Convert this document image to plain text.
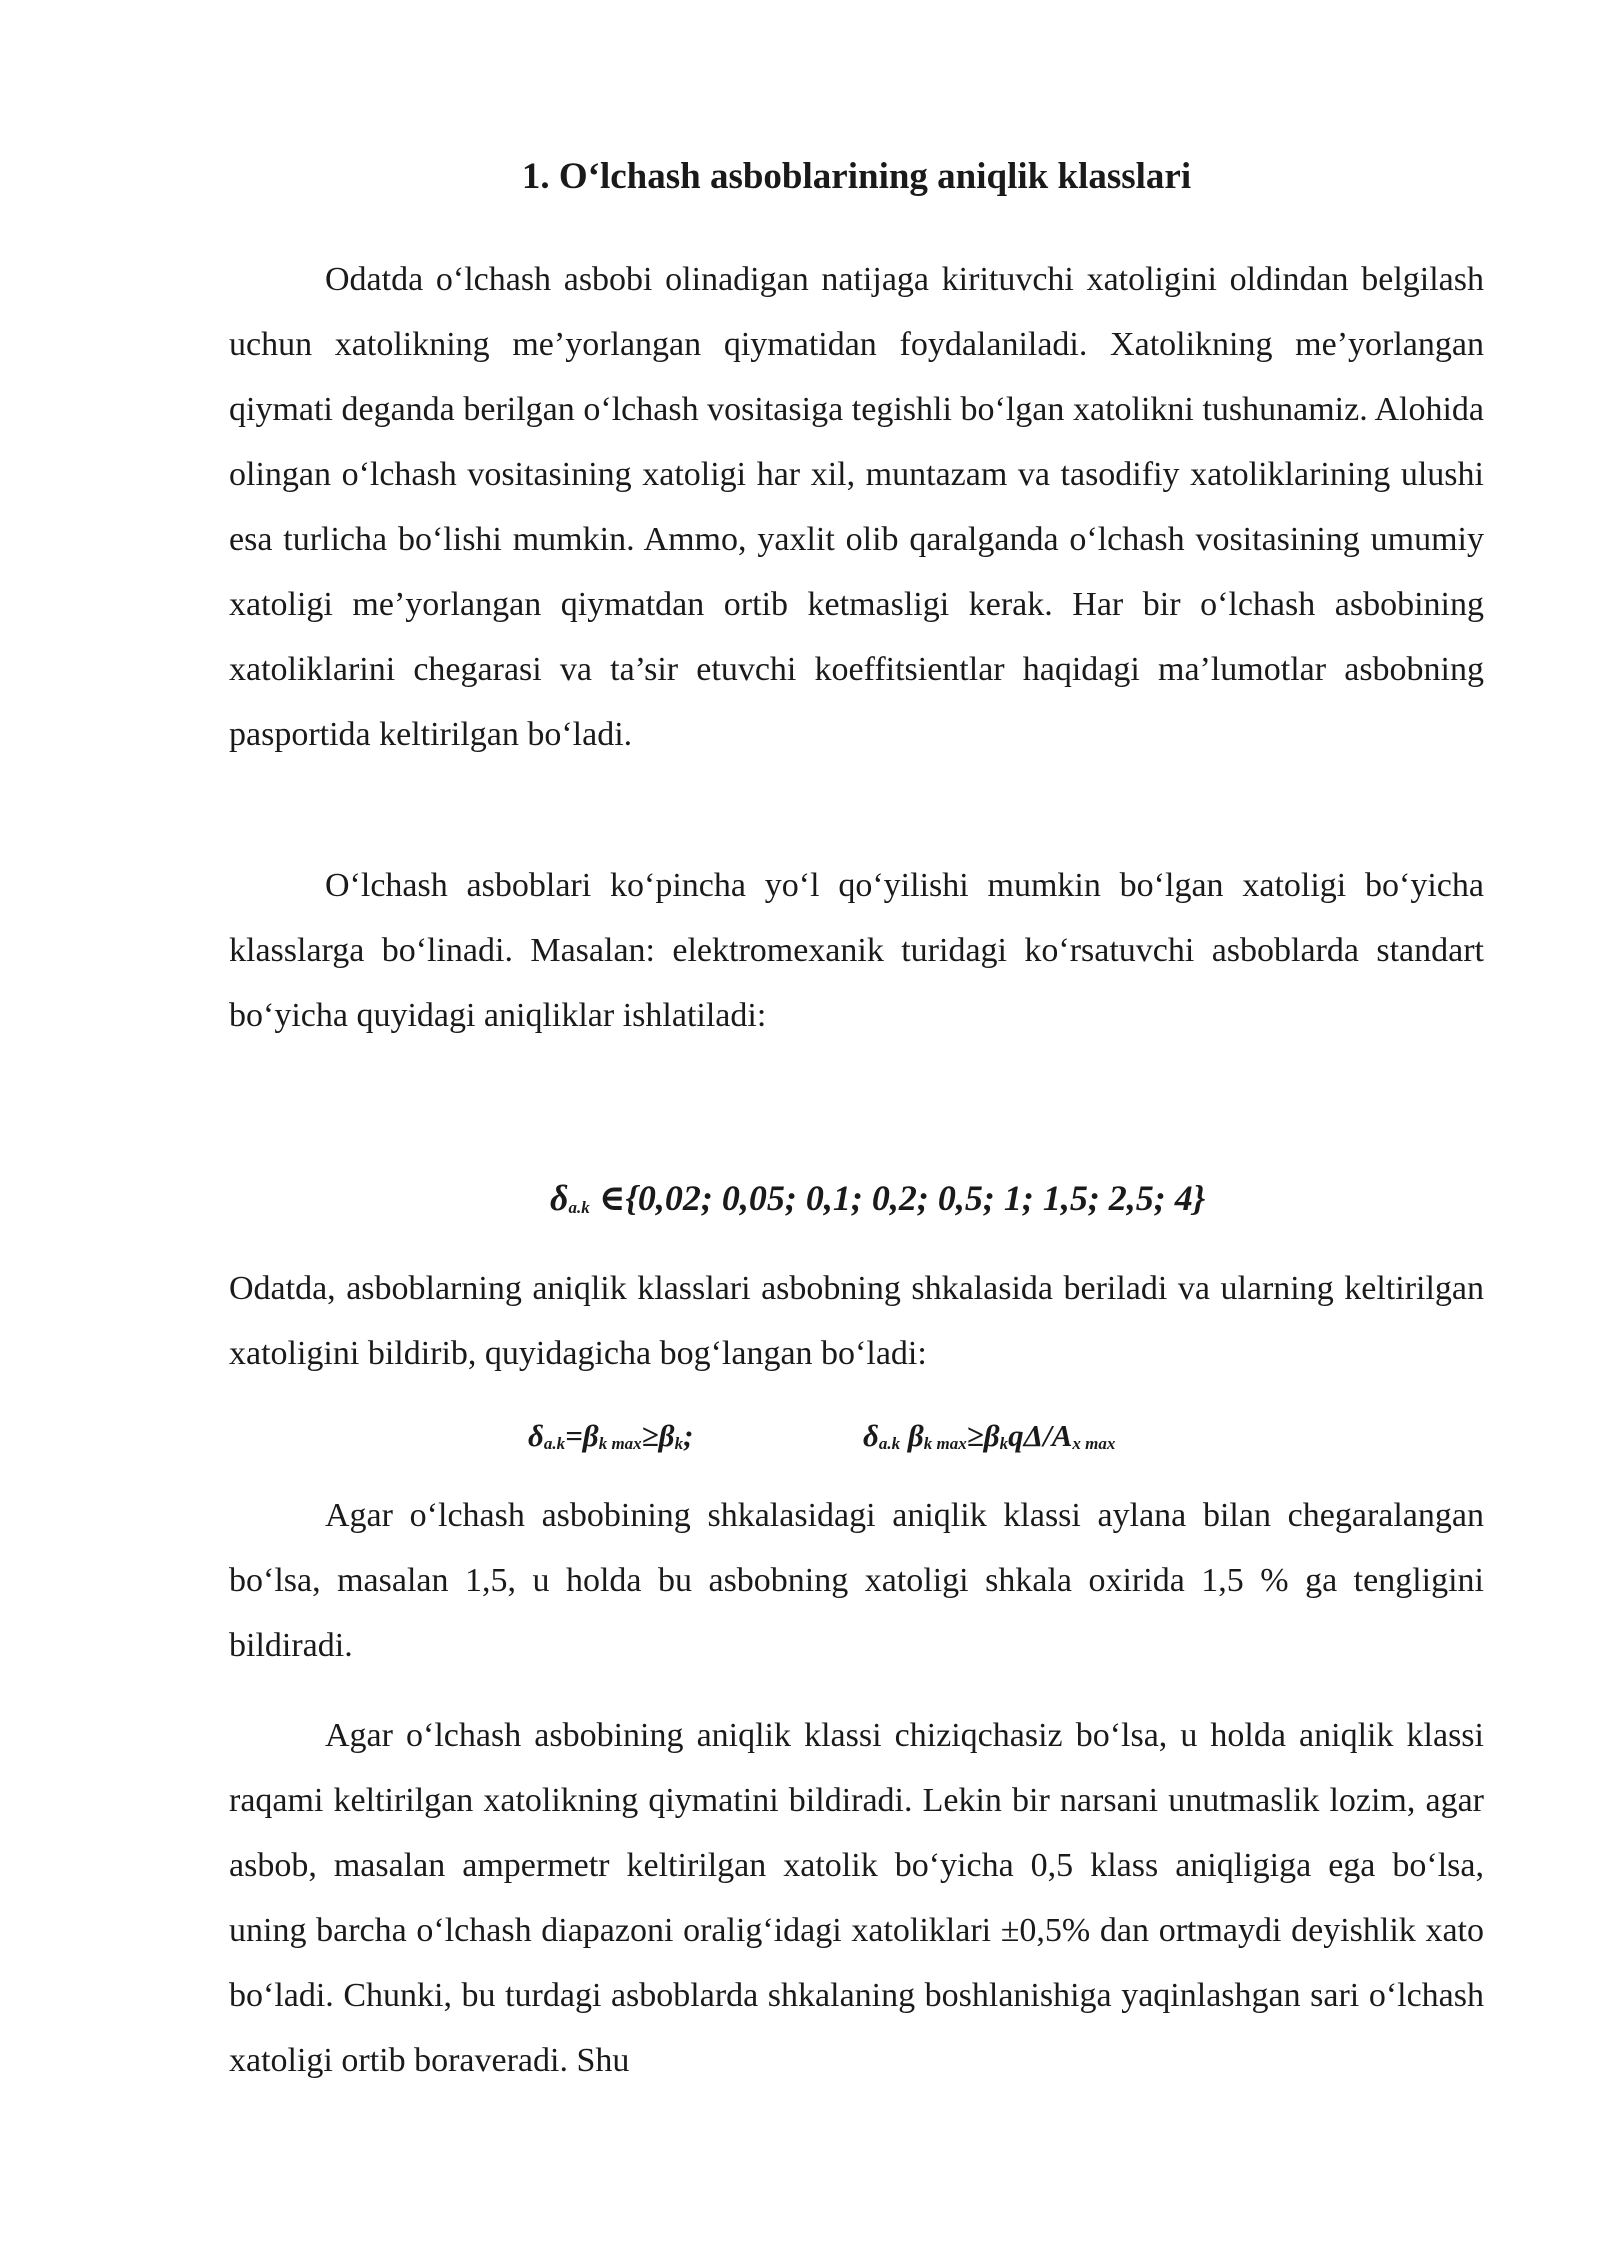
1. O‘lchash asboblarining aniqlik klasslari

Odatda o‘lchash asbobi olinadigan natijaga kirituvchi xatoligini oldindan belgilash uchun xatolikning me’yorlangan qiymatidan foydalaniladi. Xatolikning me’yorlangan qiymati deganda berilgan o‘lchash vositasiga tegishli bo‘lgan xatolikni tushunamiz. Alohida olingan o‘lchash vositasining xatoligi har xil, muntazam va tasodifiy xatoliklarining ulushi esa turlicha bo‘lishi mumkin. Ammo, yaxlit olib qaralganda o‘lchash vositasining umumiy xatoligi me’yorlangan qiymatdan ortib ketmasligi kerak. Har bir o‘lchash asbobining xatoliklarini chegarasi va ta’sir etuvchi koeffitsientlar haqidagi ma’lumotlar asbobning pasportida keltirilgan bo‘ladi.

O‘lchash asboblari ko‘pincha yo‘l qo‘yilishi mumkin bo‘lgan xatoligi bo‘yicha klasslarga bo‘linadi. Masalan: elektromexanik turidagi ko‘rsatuvchi asboblarda standart bo‘yicha quyidagi aniqliklar ishlatiladi:

Odatda, asboblarning aniqlik klasslari asbobning shkalasida beriladi va ularning keltirilgan xatoligini bildirib, quyidagicha bog‘langan bo‘ladi:

Agar o‘lchash asbobining shkalasidagi aniqlik klassi aylana bilan chegaralangan bo‘lsa, masalan 1,5, u holda bu asbobning xatoligi shkala oxirida 1,5 % ga tengligini bildiradi.

Agar o‘lchash asbobining aniqlik klassi chiziqchasiz bo‘lsa, u holda aniqlik klassi raqami keltirilgan xatolikning qiymatini bildiradi. Lekin bir narsani unutmaslik lozim, agar asbob, masalan ampermetr keltirilgan xatolik bo‘yicha 0,5 klass aniqligiga ega bo‘lsa, uning barcha o‘lchash diapazoni oralig‘idagi xatoliklari ±0,5% dan ortmaydi deyishlik xato bo‘ladi. Chunki, bu turdagi asboblarda shkalaning boshlanishiga yaqinlashgan sari o‘lchash xatoligi ortib boraveradi. Shu

δa.k ∈{0,02; 0,05; 0,1; 0,2; 0,5; 1; 1,5; 2,5; 4}
δa.k=βk max≥βk;	δa.k βk max≥βkqΔ/Ax max
